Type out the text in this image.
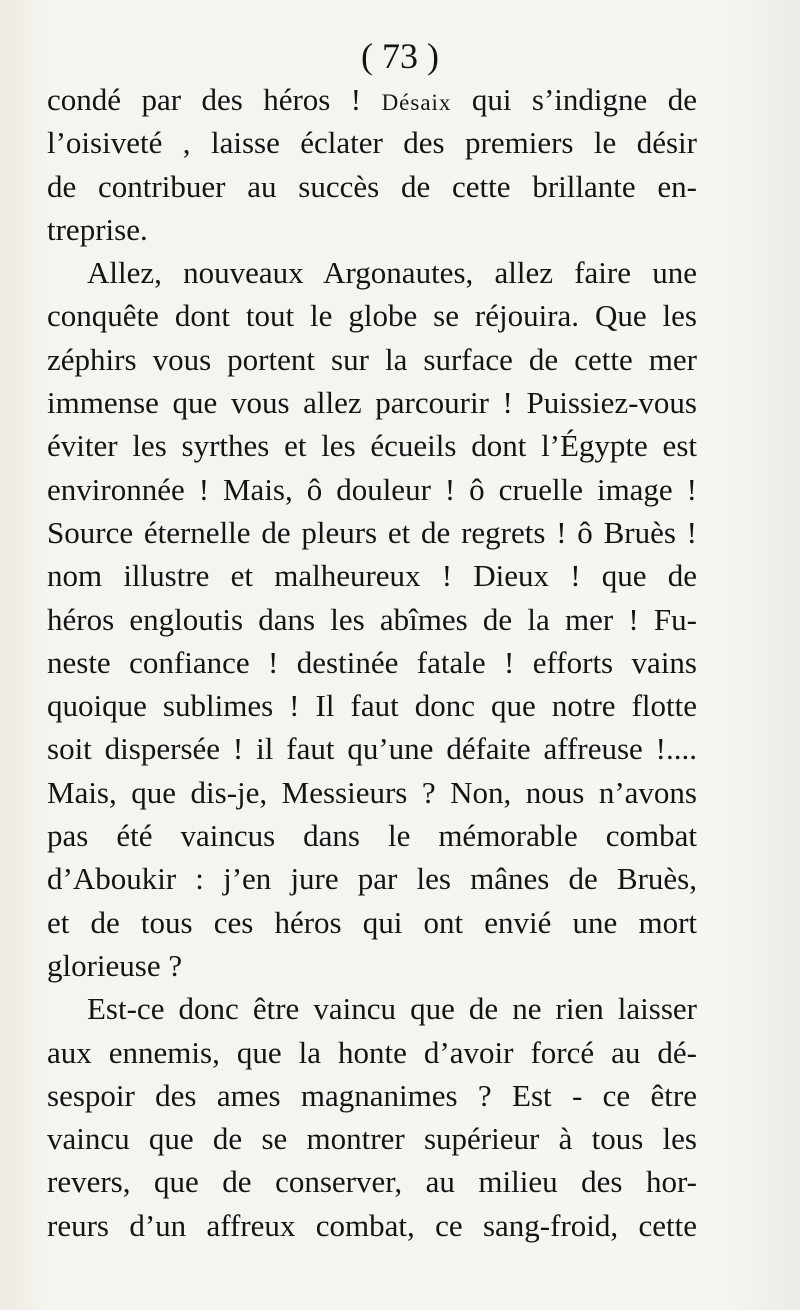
( 73 )
condé par des héros ! Désaix qui s’indigne de
l’oisiveté , laisse éclater des premiers le désir
de contribuer au succès de cette brillante en-
treprise.
Allez, nouveaux Argonautes, allez faire une
conquête dont tout le globe se réjouira. Que les
zéphirs vous portent sur la surface de cette mer
immense que vous allez parcourir ! Puissiez-vous
éviter les syrthes et les écueils dont l’Égypte est
environnée ! Mais, ô douleur ! ô cruelle image !
Source éternelle de pleurs et de regrets ! ô Bruès !
nom illustre et malheureux ! Dieux ! que de
héros engloutis dans les abîmes de la mer ! Fu-
neste confiance ! destinée fatale ! efforts vains
quoique sublimes ! Il faut donc que notre flotte
soit dispersée ! il faut qu’une défaite affreuse !....
Mais, que dis-je, Messieurs ? Non, nous n’avons
pas été vaincus dans le mémorable combat
d’Aboukir : j’en jure par les mânes de Bruès,
et de tous ces héros qui ont envié une mort
glorieuse ?
Est-ce donc être vaincu que de ne rien laisser
aux ennemis, que la honte d’avoir forcé au dé-
sespoir des ames magnanimes ? Est - ce être
vaincu que de se montrer supérieur à tous les
revers, que de conserver, au milieu des hor-
reurs d’un affreux combat, ce sang-froid, cette
